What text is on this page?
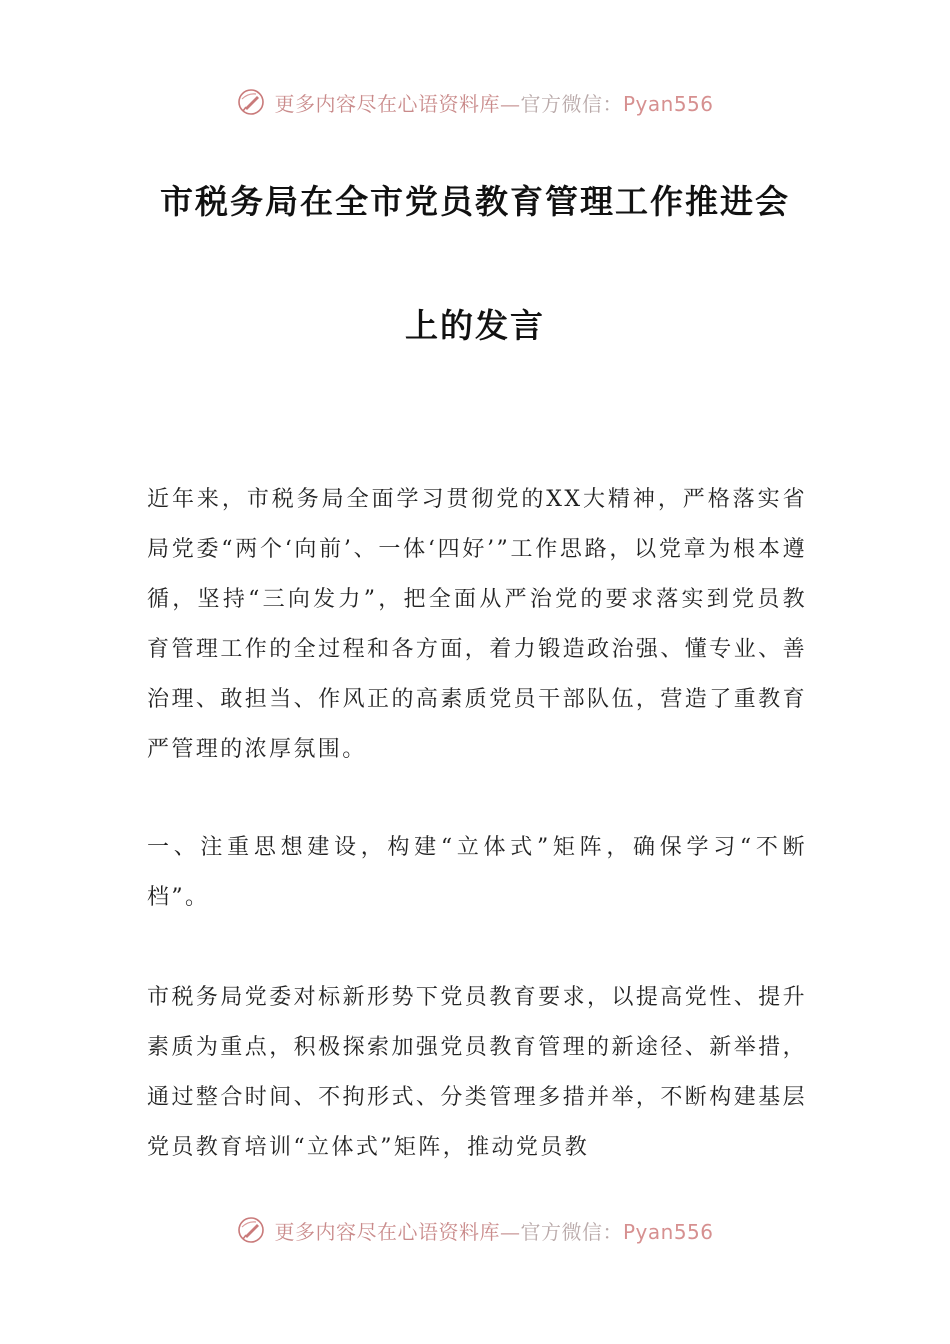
更多内容尽在心语资料库—官方微信：Pyan556
市税务局在全市党员教育管理工作推进会
上的发言

近年来，市税务局全面学习贯彻党的XX大精神，严格落实省局党委“两个‘向前’、一体‘四好’”工作思路，以党章为根本遵循，坚持“三向发力”，把全面从严治党的要求落实到党员教育管理工作的全过程和各方面，着力锻造政治强、懂专业、善治理、敢担当、作风正的高素质党员干部队伍，营造了重教育严管理的浓厚氛围。

一、注重思想建设，构建“立体式”矩阵，确保学习“不断档”。

市税务局党委对标新形势下党员教育要求，以提高党性、提升素质为重点，积极探索加强党员教育管理的新途径、新举措，通过整合时间、不拘形式、分类管理多措并举，不断构建基层党员教育培训“立体式”矩阵，推动党员教

更多内容尽在心语资料库—官方微信：Pyan556
